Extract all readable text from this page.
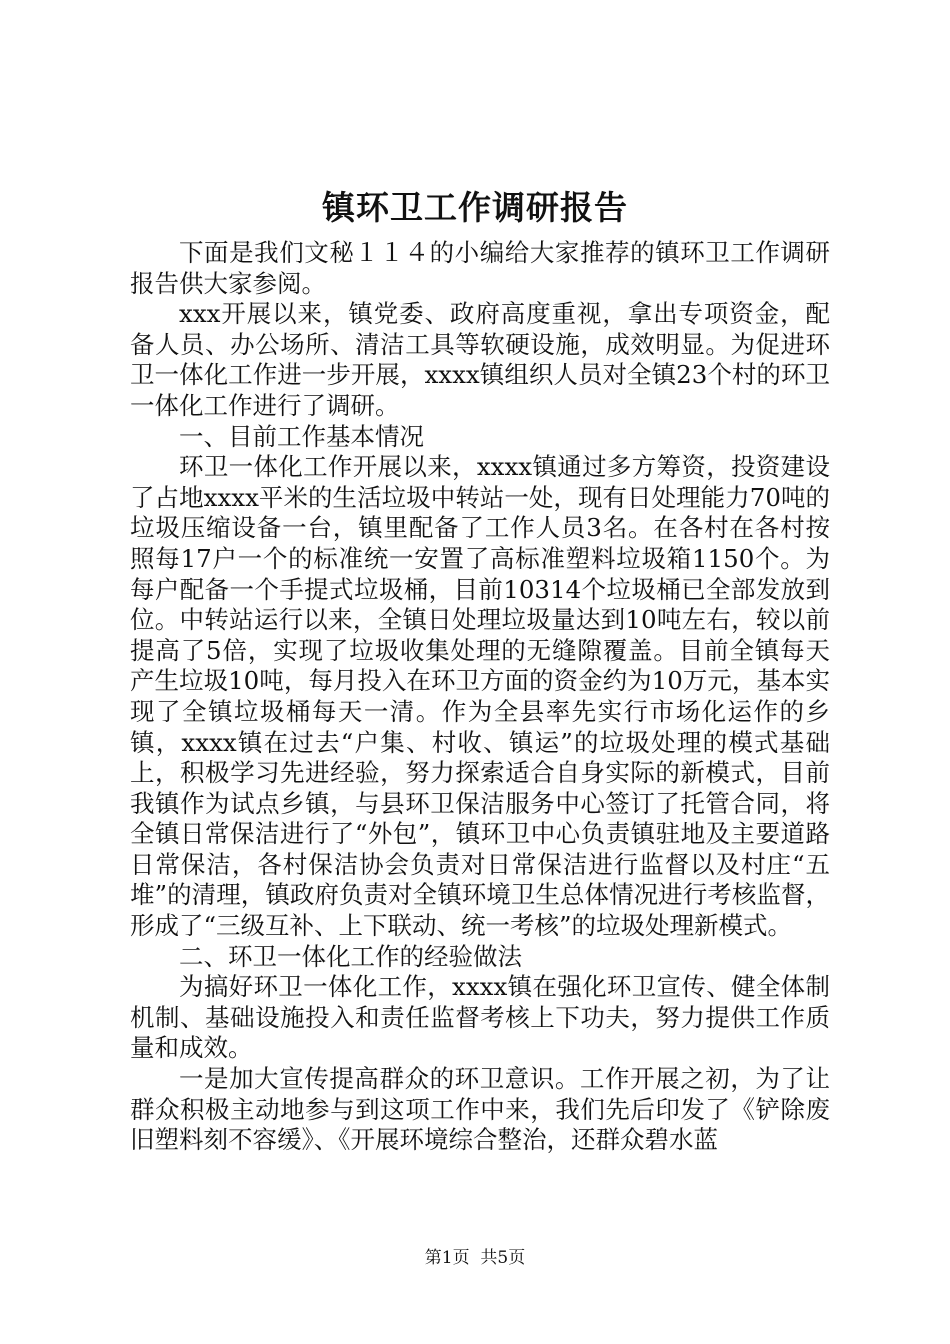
镇环卫工作调研报告

下面是我们文秘１１４的小编给大家推荐的镇环卫工作调研报告供大家参阅。

xxx开展以来，镇党委、政府高度重视，拿出专项资金，配备人员、办公场所、清洁工具等软硬设施，成效明显。为促进环卫一体化工作进一步开展，xxxx镇组织人员对全镇23个村的环卫一体化工作进行了调研。

一、目前工作基本情况

环卫一体化工作开展以来，xxxx镇通过多方筹资，投资建设了占地xxxx平米的生活垃圾中转站一处，现有日处理能力70吨的垃圾压缩设备一台，镇里配备了工作人员3名。在各村在各村按照每17户一个的标准统一安置了高标准塑料垃圾箱1150个。为每户配备一个手提式垃圾桶，目前10314个垃圾桶已全部发放到位。中转站运行以来，全镇日处理垃圾量达到10吨左右，较以前提高了5倍，实现了垃圾收集处理的无缝隙覆盖。目前全镇每天产生垃圾10吨，每月投入在环卫方面的资金约为10万元，基本实现了全镇垃圾桶每天一清。作为全县率先实行市场化运作的乡镇，xxxx镇在过去“户集、村收、镇运”的垃圾处理的模式基础上，积极学习先进经验，努力探索适合自身实际的新模式，目前我镇作为试点乡镇，与县环卫保洁服务中心签订了托管合同，将全镇日常保洁进行了“外包”，镇环卫中心负责镇驻地及主要道路日常保洁，各村保洁协会负责对日常保洁进行监督以及村庄“五堆”的清理，镇政府负责对全镇环境卫生总体情况进行考核监督，形成了“三级互补、上下联动、统一考核”的垃圾处理新模式。

二、环卫一体化工作的经验做法

为搞好环卫一体化工作，xxxx镇在强化环卫宣传、健全体制机制、基础设施投入和责任监督考核上下功夫，努力提供工作质量和成效。

一是加大宣传提高群众的环卫意识。工作开展之初，为了让群众积极主动地参与到这项工作中来，我们先后印发了《铲除废旧塑料刻不容缓》、《开展环境综合整治，还群众碧水蓝

第1页  共5页
